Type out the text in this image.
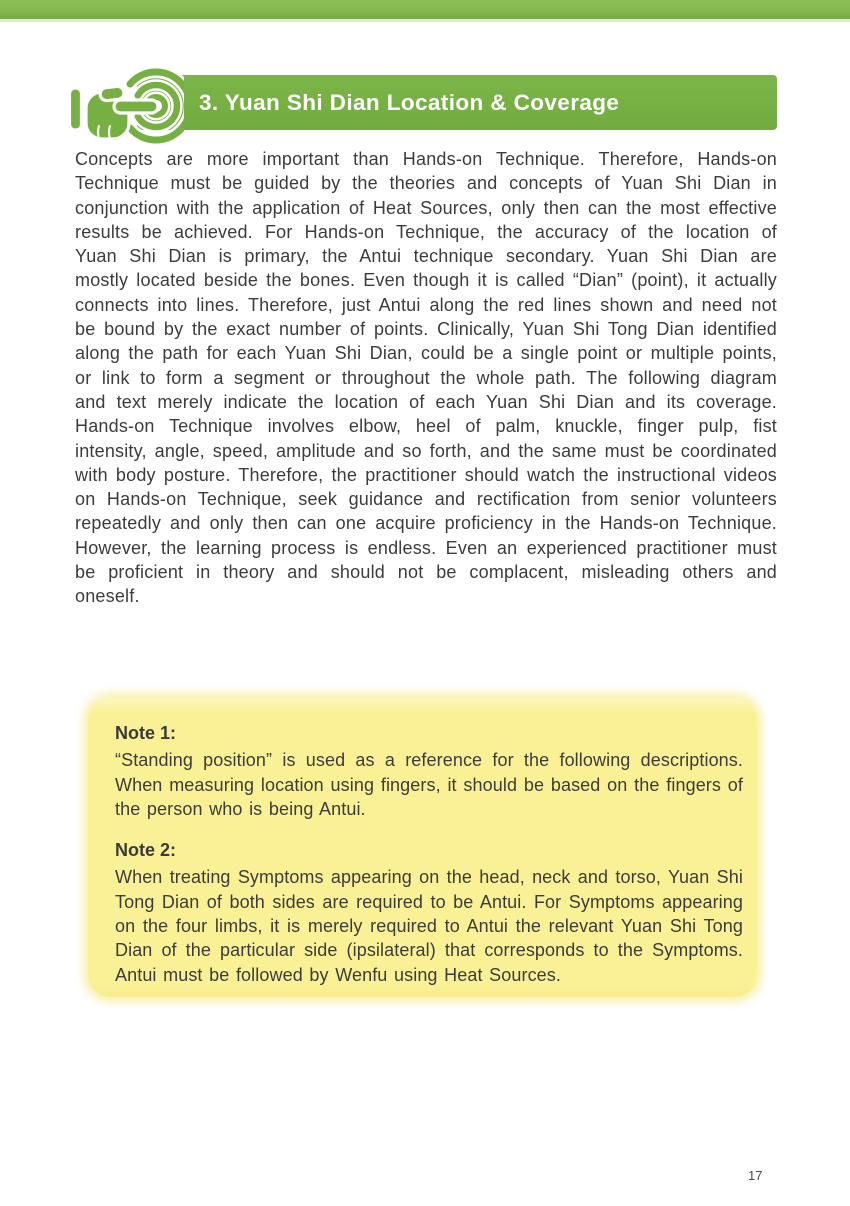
3. Yuan Shi Dian Location & Coverage

Concepts are more important than Hands-on Technique. Therefore, Hands-on Technique must be guided by the theories and concepts of Yuan Shi Dian in conjunction with the application of Heat Sources, only then can the most effective results be achieved. For Hands-on Technique, the accuracy of the location of Yuan Shi Dian is primary, the Antui technique secondary. Yuan Shi Dian are mostly located beside the bones. Even though it is called “Dian” (point), it actually connects into lines. Therefore, just Antui along the red lines shown and need not be bound by the exact number of points. Clinically, Yuan Shi Tong Dian identified along the path for each Yuan Shi Dian, could be a single point or multiple points, or link to form a segment or throughout the whole path. The following diagram and text merely indicate the location of each Yuan Shi Dian and its coverage. Hands-on Technique involves elbow, heel of palm, knuckle, finger pulp, fist intensity, angle, speed, amplitude and so forth, and the same must be coordinated with body posture. Therefore, the practitioner should watch the instructional videos on Hands-on Technique, seek guidance and rectification from senior volunteers repeatedly and only then can one acquire proficiency in the Hands-on Technique. However, the learning process is endless. Even an experienced practitioner must be proficient in theory and should not be complacent, misleading others and oneself.

Note 1:
“Standing position” is used as a reference for the following descriptions. When measuring location using fingers, it should be based on the fingers of the person who is being Antui.
Note 2:
When treating Symptoms appearing on the head, neck and torso, Yuan Shi Tong Dian of both sides are required to be Antui. For Symptoms appearing on the four limbs, it is merely required to Antui the relevant Yuan Shi Tong Dian of the particular side (ipsilateral) that corresponds to the Symptoms. Antui must be followed by Wenfu using Heat Sources.
17
